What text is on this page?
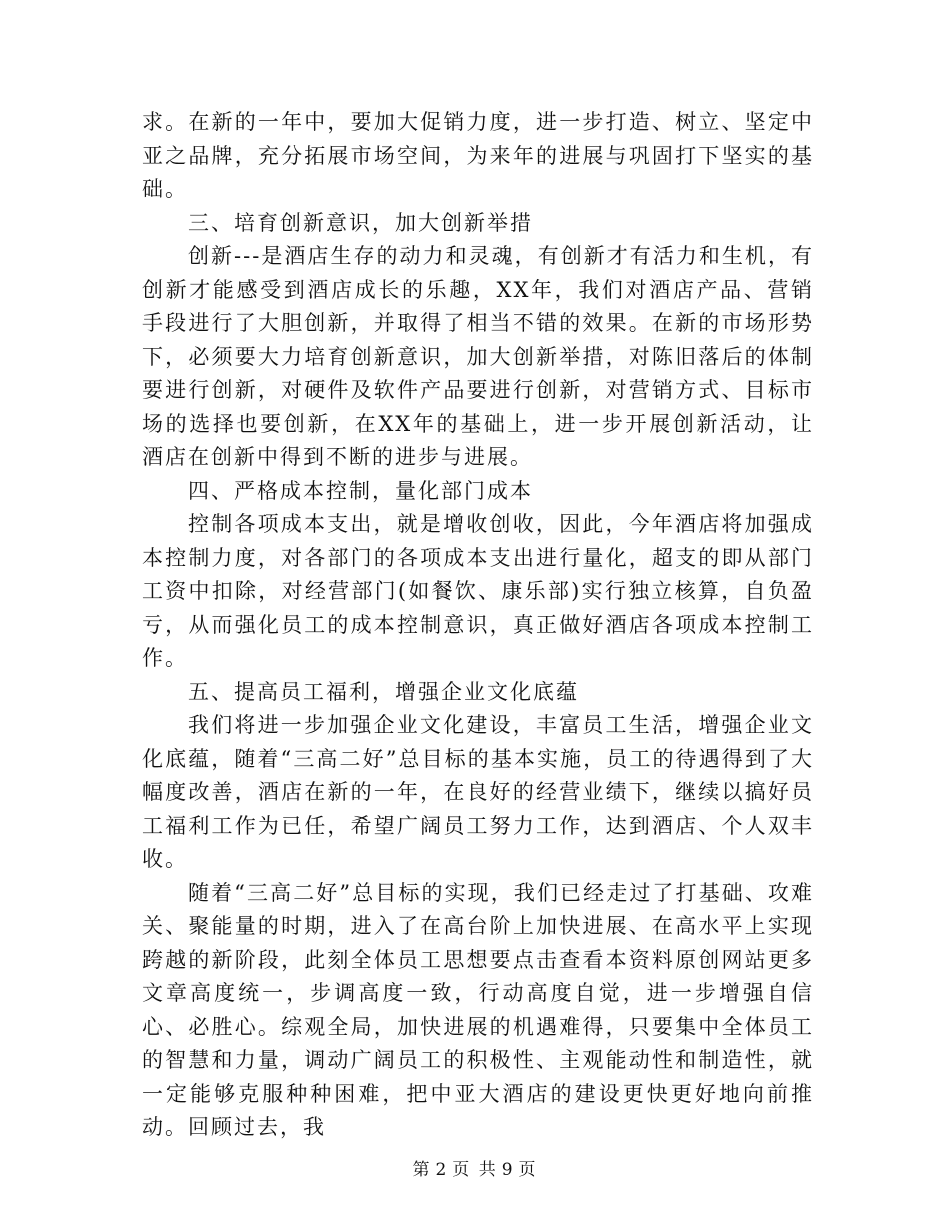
求。在新的一年中，要加大促销力度，进一步打造、树立、坚定中亚之品牌，充分拓展市场空间，为来年的进展与巩固打下坚实的基础。

三、培育创新意识，加大创新举措

创新---是酒店生存的动力和灵魂，有创新才有活力和生机，有创新才能感受到酒店成长的乐趣，XX年，我们对酒店产品、营销手段进行了大胆创新，并取得了相当不错的效果。在新的市场形势下，必须要大力培育创新意识，加大创新举措，对陈旧落后的体制要进行创新，对硬件及软件产品要进行创新，对营销方式、目标市场的选择也要创新，在XX年的基础上，进一步开展创新活动，让酒店在创新中得到不断的进步与进展。

四、严格成本控制，量化部门成本

控制各项成本支出，就是增收创收，因此，今年酒店将加强成本控制力度，对各部门的各项成本支出进行量化，超支的即从部门工资中扣除，对经营部门(如餐饮、康乐部)实行独立核算，自负盈亏，从而强化员工的成本控制意识，真正做好酒店各项成本控制工作。

五、提高员工福利，增强企业文化底蕴

我们将进一步加强企业文化建设，丰富员工生活，增强企业文化底蕴，随着“三高二好”总目标的基本实施，员工的待遇得到了大幅度改善，酒店在新的一年，在良好的经营业绩下，继续以搞好员工福利工作为已任，希望广阔员工努力工作，达到酒店、个人双丰收。

随着“三高二好”总目标的实现，我们已经走过了打基础、攻难关、聚能量的时期，进入了在高台阶上加快进展、在高水平上实现跨越的新阶段，此刻全体员工思想要点击查看本资料原创网站更多文章高度统一，步调高度一致，行动高度自觉，进一步增强自信心、必胜心。综观全局，加快进展的机遇难得，只要集中全体员工的智慧和力量，调动广阔员工的积极性、主观能动性和制造性，就一定能够克服种种困难，把中亚大酒店的建设更快更好地向前推动。回顾过去，我

第 2 页 共 9 页
